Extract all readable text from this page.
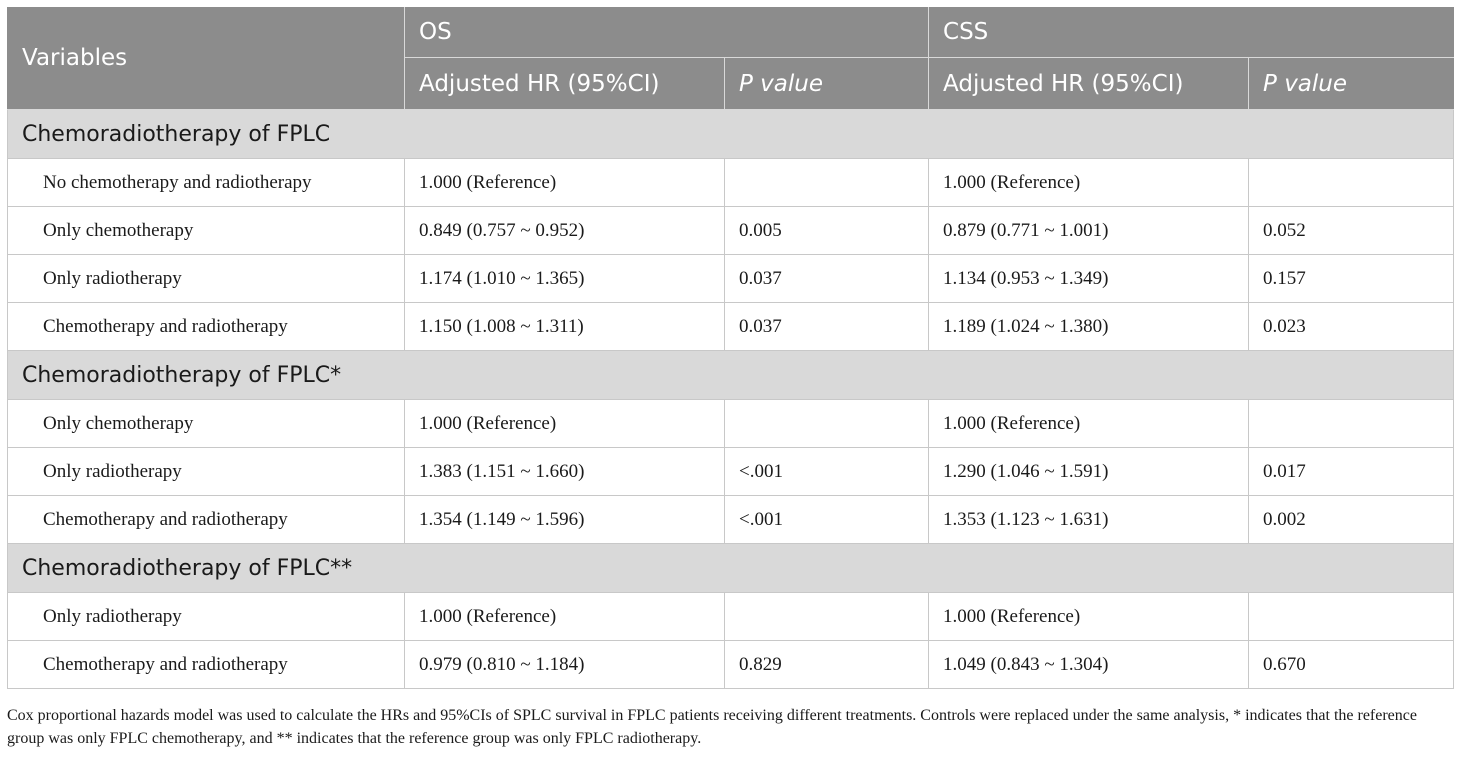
Variables	OS		CSS	
	Adjusted HR (95%CI)	P value	Adjusted HR (95%CI)	P value
Chemoradiotherapy of FPLC				
No chemotherapy and radiotherapy	1.000 (Reference)		1.000 (Reference)	
Only chemotherapy	0.849 (0.757 ~ 0.952)	0.005	0.879 (0.771 ~ 1.001)	0.052
Only radiotherapy	1.174 (1.010 ~ 1.365)	0.037	1.134 (0.953 ~ 1.349)	0.157
Chemotherapy and radiotherapy	1.150 (1.008 ~ 1.311)	0.037	1.189 (1.024 ~ 1.380)	0.023
Chemoradiotherapy of FPLC*				
Only chemotherapy	1.000 (Reference)		1.000 (Reference)	
Only radiotherapy	1.383 (1.151 ~ 1.660)	<.001	1.290 (1.046 ~ 1.591)	0.017
Chemotherapy and radiotherapy	1.354 (1.149 ~ 1.596)	<.001	1.353 (1.123 ~ 1.631)	0.002
Chemoradiotherapy of FPLC**				
Only radiotherapy	1.000 (Reference)		1.000 (Reference)	
Chemotherapy and radiotherapy	0.979 (0.810 ~ 1.184)	0.829	1.049 (0.843 ~ 1.304)	0.670
Cox proportional hazards model was used to calculate the HRs and 95%CIs of SPLC survival in FPLC patients receiving different treatments. Controls were replaced under the same analysis, * indicates that the reference group was only FPLC chemotherapy, and ** indicates that the reference group was only FPLC radiotherapy.
